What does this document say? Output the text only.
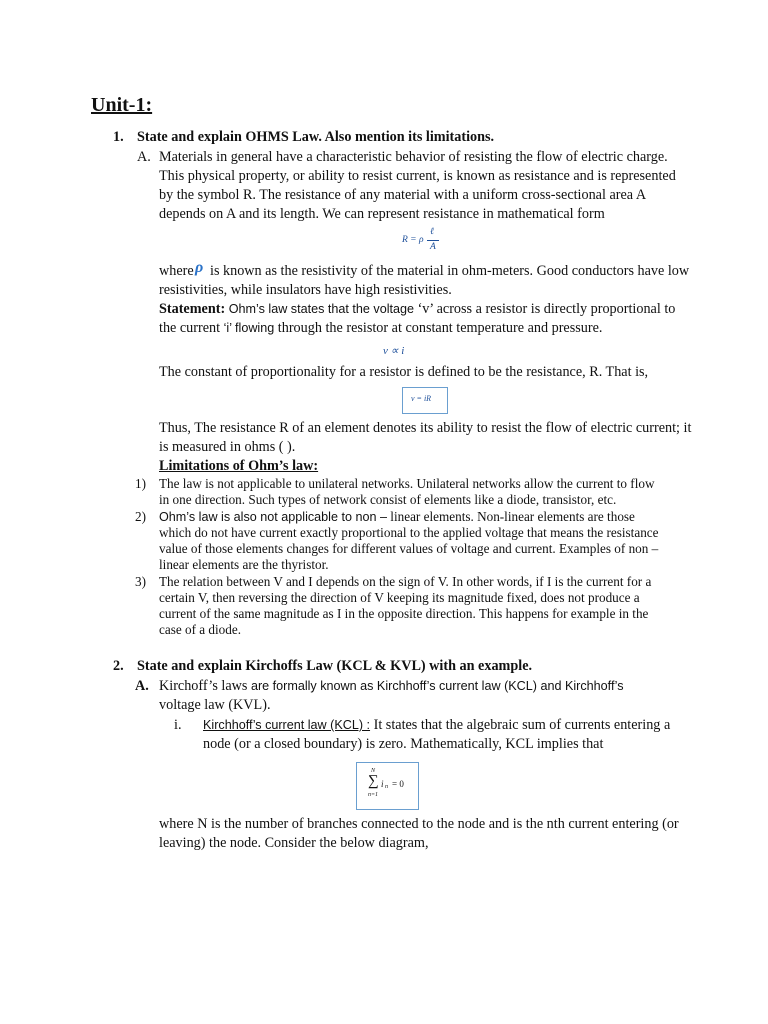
Unit-1:
1. State and explain OHMS Law. Also mention its limitations.
A. Materials in general have a characteristic behavior of resisting the flow of electric charge.
This physical property, or ability to resist current, is known as resistance and is represented
by the symbol R. The resistance of any material with a uniform cross-sectional area A
depends on A and its length. We can represent resistance in mathematical form
R = ρ
ℓ
A
where ρ is known as the resistivity of the material in ohm-meters. Good conductors have low
resistivities, while insulators have high resistivities.
Statement: Ohm’s law states that the voltage ‘v’ across a resistor is directly proportional to
the current ‘i’ flowing through the resistor at constant temperature and pressure.
v ∝ i
The constant of proportionality for a resistor is defined to be the resistance, R. That is,
v = iR
Thus, The resistance R of an element denotes its ability to resist the flow of electric current; it
is measured in ohms ( ).
Limitations of Ohm’s law:
1) The law is not applicable to unilateral networks. Unilateral networks allow the current to flow
in one direction. Such types of network consist of elements like a diode, transistor, etc.
2) Ohm’s law is also not applicable to non – linear elements. Non-linear elements are those
which do not have current exactly proportional to the applied voltage that means the resistance
value of those elements changes for different values of voltage and current. Examples of non –
linear elements are the thyristor.
3) The relation between V and I depends on the sign of V. In other words, if I is the current for a
certain V, then reversing the direction of V keeping its magnitude fixed, does not produce a
current of the same magnitude as I in the opposite direction. This happens for example in the
case of a diode.
2. State and explain Kirchoffs Law (KCL & KVL) with an example.
A. Kirchoff’s laws are formally known as Kirchhoff’s current law (KCL) and Kirchhoff’s
voltage law (KVL).
i. Kirchhoff’s current law (KCL) : It states that the algebraic sum of currents entering a
node (or a closed boundary) is zero. Mathematically, KCL implies that
N
∑ i n = 0
n=1
where N is the number of branches connected to the node and is the nth current entering (or
leaving) the node. Consider the below diagram,
